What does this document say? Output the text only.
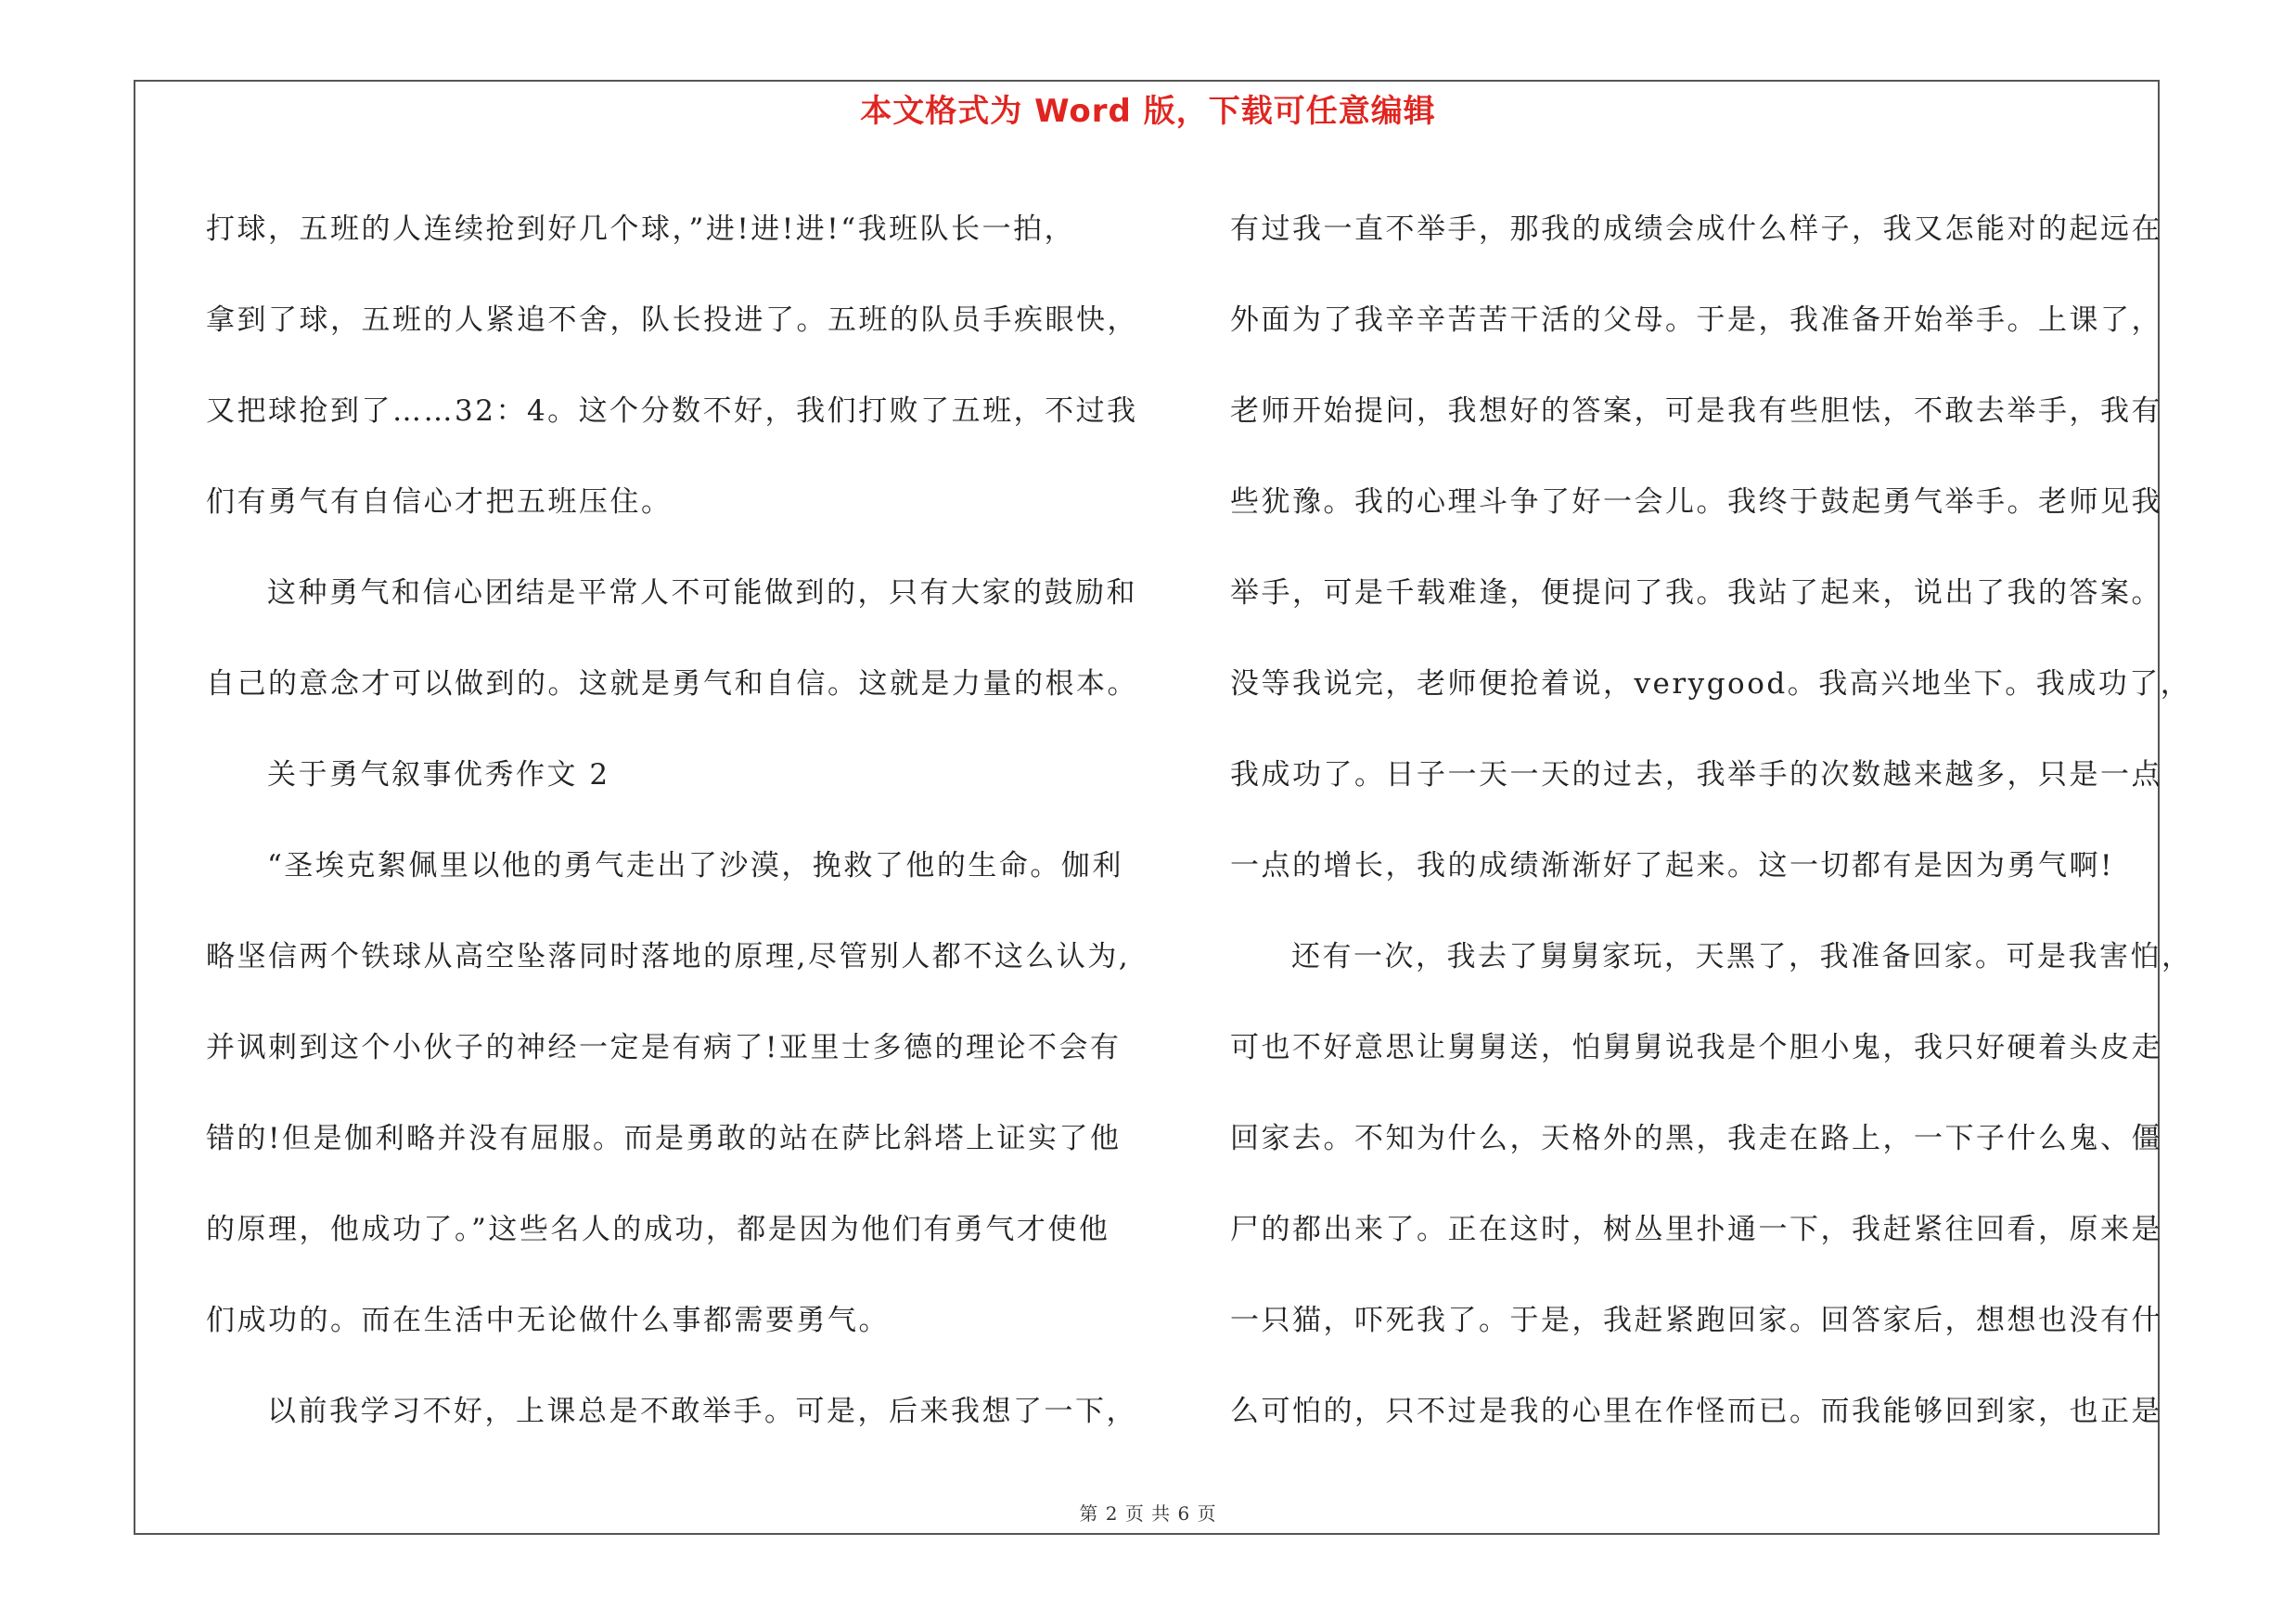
本文格式为 Word 版，下载可任意编辑
打球，五班的人连续抢到好几个球，”进!进!进!“我班队长一拍，
拿到了球，五班的人紧追不舍，队长投进了。五班的队员手疾眼快，
又把球抢到了……32：4。这个分数不好，我们打败了五班，不过我
们有勇气有自信心才把五班压住。
这种勇气和信心团结是平常人不可能做到的，只有大家的鼓励和
自己的意念才可以做到的。这就是勇气和自信。这就是力量的根本。
关于勇气叙事优秀作文 2
“圣埃克絮佩里以他的勇气走出了沙漠，挽救了他的生命。伽利
略坚信两个铁球从高空坠落同时落地的原理,尽管别人都不这么认为,
并讽刺到这个小伙子的神经一定是有病了!亚里士多德的理论不会有
错的!但是伽利略并没有屈服。而是勇敢的站在萨比斜塔上证实了他
的原理，他成功了。”这些名人的成功，都是因为他们有勇气才使他
们成功的。而在生活中无论做什么事都需要勇气。
以前我学习不好，上课总是不敢举手。可是，后来我想了一下，
有过我一直不举手，那我的成绩会成什么样子，我又怎能对的起远在
外面为了我辛辛苦苦干活的父母。于是，我准备开始举手。上课了，
老师开始提问，我想好的答案，可是我有些胆怯，不敢去举手，我有
些犹豫。我的心理斗争了好一会儿。我终于鼓起勇气举手。老师见我
举手，可是千载难逢，便提问了我。我站了起来，说出了我的答案。
没等我说完，老师便抢着说，verygood。我高兴地坐下。我成功了，
我成功了。日子一天一天的过去，我举手的次数越来越多，只是一点
一点的增长，我的成绩渐渐好了起来。这一切都有是因为勇气啊!
还有一次，我去了舅舅家玩，天黑了，我准备回家。可是我害怕，
可也不好意思让舅舅送，怕舅舅说我是个胆小鬼，我只好硬着头皮走
回家去。不知为什么，天格外的黑，我走在路上，一下子什么鬼、僵
尸的都出来了。正在这时，树丛里扑通一下，我赶紧往回看，原来是
一只猫，吓死我了。于是，我赶紧跑回家。回答家后，想想也没有什
么可怕的，只不过是我的心里在作怪而已。而我能够回到家，也正是
第 2 页 共 6 页
